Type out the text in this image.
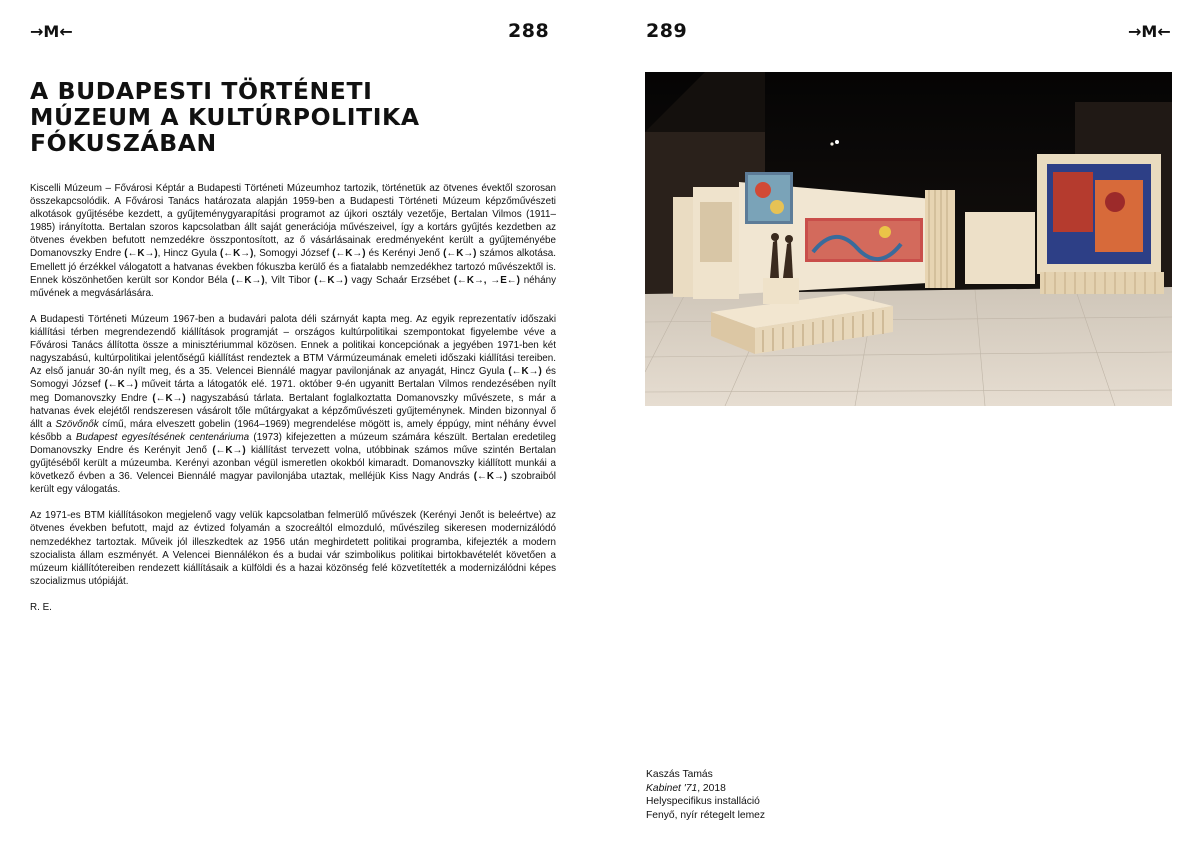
→M←	288
A BUDAPESTI TÖRTÉNETI
MÚZEUM A KULTÚRPOLITIKA
FÓKUSZÁBAN

Kiscelli Múzeum – Fővárosi Képtár a Budapesti Történeti Múzeumhoz tartozik, történetük az ötvenes évektől szorosan összekapcsolódik. A Fővárosi Tanács határozata alapján 1959-ben a Budapesti Történeti Múzeum képzőművészeti alkotások gyűjtésébe kezdett, a gyűjteménygyarapítási programot az újkori osztály vezetője, Bertalan Vilmos (1911–1985) irányította. Bertalan szoros kapcsolatban állt saját generációja művészeivel, így a kortárs gyűjtés kezdetben az ötvenes években befutott nemzedékre összpontosított, az ő vásárlásainak eredményeként került a gyűjteményébe Domanovszky Endre (←K→), Hincz Gyula (←K→), Somogyi József (←K→) és Kerényi Jenő (←K→) számos alkotása. Emellett jó érzékkel válogatott a hatvanas években fókuszba kerülő és a fiatalabb nemzedékhez tartozó művészektől is. Ennek köszönhetően került sor Kondor Béla (←K→), Vilt Tibor (←K→) vagy Schaár Erzsébet (←K→, →E←) néhány művének a megvásárlására.

A Budapesti Történeti Múzeum 1967-ben a budavári palota déli szárnyát kapta meg. Az egyik reprezentatív időszaki kiállítási térben megrendezendő kiállítások programját – országos kultúrpolitikai szempontokat figyelembe véve a Fővárosi Tanács állította össze a minisztériummal közösen. Ennek a politikai koncepciónak a jegyében 1971-ben két nagyszabású, kultúrpolitikai jelentőségű kiállítást rendeztek a BTM Vármúzeumának emeleti időszaki kiállítási tereiben. Az első január 30-án nyílt meg, és a 35. Velencei Biennálé magyar pavilonjának az anyagát, Hincz Gyula (←K→) és Somogyi József (←K→) műveit tárta a látogatók elé. 1971. október 9-én ugyanitt Bertalan Vilmos rendezésében nyílt meg Domanovszky Endre (←K→) nagyszabású tárlata. Bertalant foglalkoztatta Domanovszky művészete, s már a hatvanas évek elejétől rendszeresen vásárolt tőle műtárgyakat a képzőművészeti gyűjteménynek. Minden bizonnyal ő állt a Szövőnők című, mára elveszett gobelin (1964–1969) megrendelése mögött is, amely éppúgy, mint néhány évvel később a Budapest egyesítésének centenáriuma (1973) kifejezetten a múzeum számára készült. Bertalan eredetileg Domanovszky Endre és Kerényit Jenő (←K→) kiállítást tervezett volna, utóbbinak számos műve szintén Bertalan gyűjtéséből került a múzeumba. Kerényi azonban végül ismeretlen okokból kimaradt. Domanovszky kiállított munkái a következő évben a 36. Velencei Biennálé magyar pavilonjába utaztak, melléjük Kiss Nagy András (←K→) szobraiból került egy válogatás.

Az 1971-es BTM kiállításokon megjelenő vagy velük kapcsolatban felmerülő művészek (Kerényi Jenőt is beleértve) az ötvenes években befutott, majd az évtized folyamán a szocreáltól elmozduló, művészileg sikeresen modernizálódó nemzedékhez tartoztak. Műveik jól illeszkedtek az 1956 után meghirdetett politikai programba, kifejezték a modern szocialista állam eszményét. A Velencei Biennálékon és a budai vár szimbolikus politikai birtokbavételét követően a múzeum kiállítótereiben rendezett kiállításaik a külföldi és a hazai közönség felé közvetítették a modernizálódni képes szocializmus utópiáját.

R. E.

289	→M←
Kaszás Tamás
Kabinet '71, 2018
Helyspecifikus installáció
Fenyő, nyír rétegelt lemez
